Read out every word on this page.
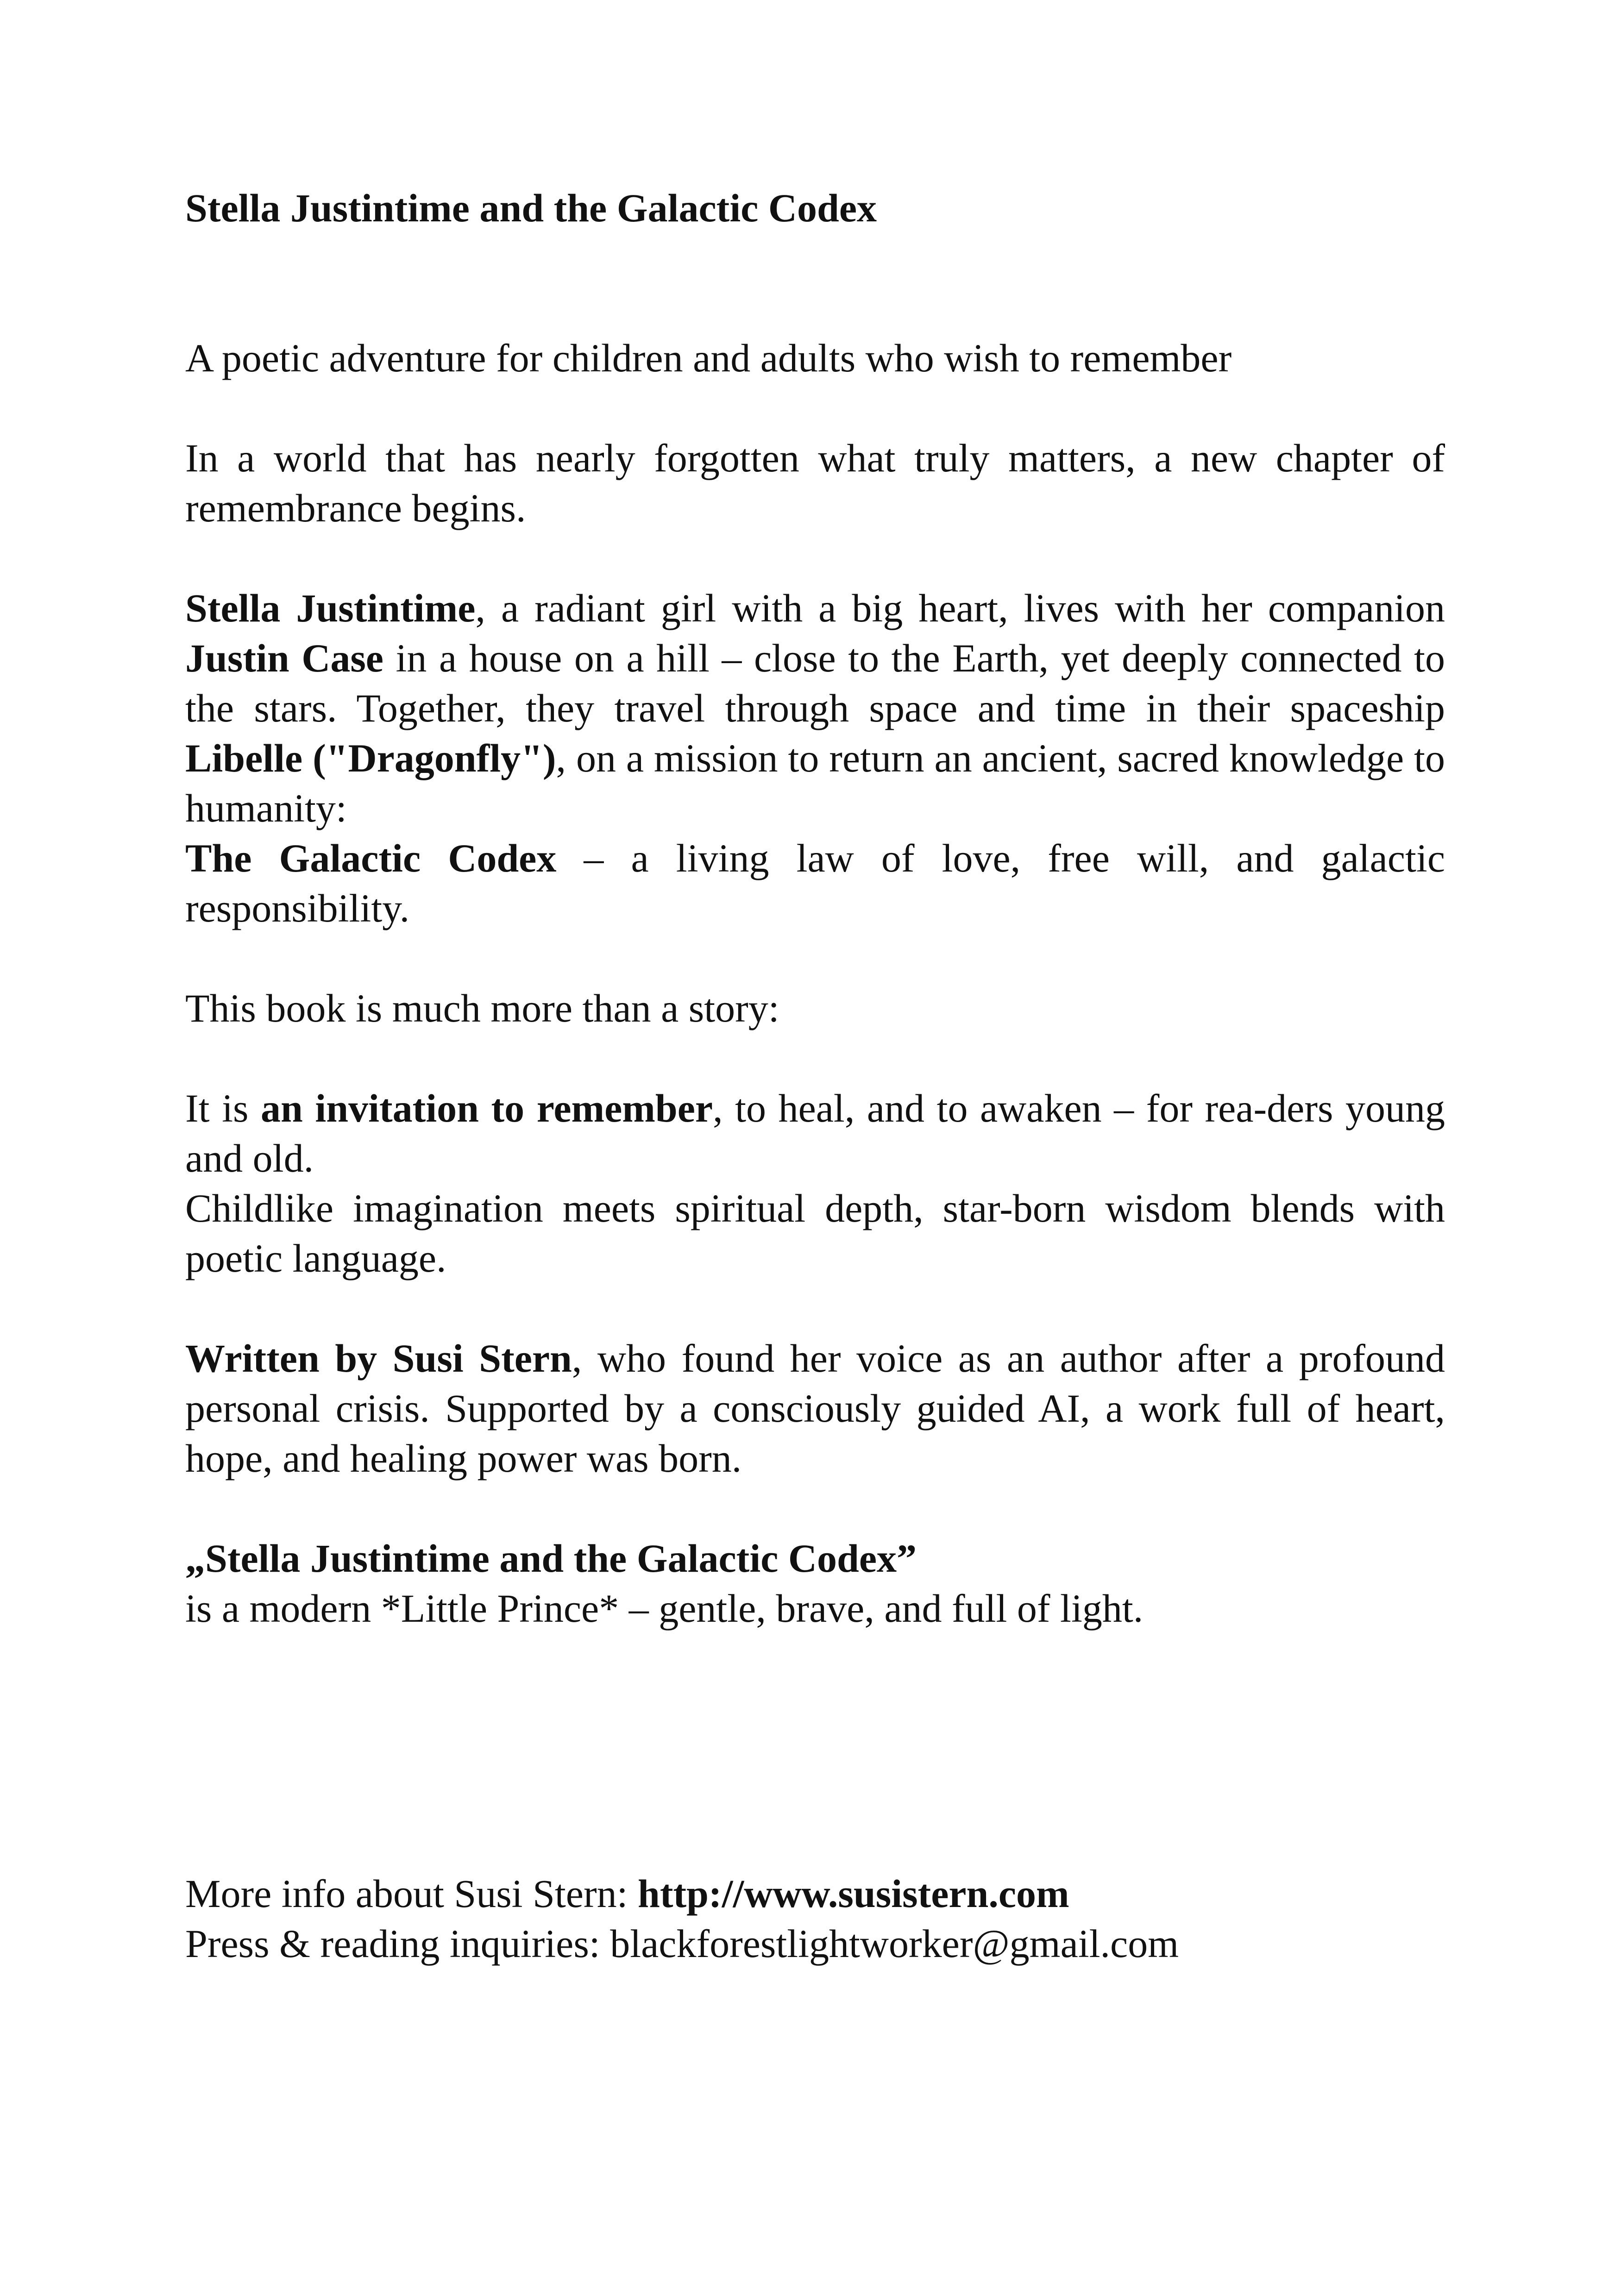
Stella Justintime and the Galactic Codex

A poetic adventure for children and adults who wish to remember

In a world that has nearly forgotten what truly matters, a new chapter of remembrance begins.

Stella Justintime, a radiant girl with a big heart, lives with her companion Justin Case in a house on a hill – close to the Earth, yet deeply connected to the stars. Together, they travel through space and time in their spaceship Libelle ("Dragonfly"), on a mission to return an ancient, sacred knowledge to humanity:

The Galactic Codex – a living law of love, free will, and galactic responsibility.

This book is much more than a story:

It is an invitation to remember, to heal, and to awaken – for rea-ders young and old.

Childlike imagination meets spiritual depth, star-born wisdom blends with poetic language.

Written by Susi Stern, who found her voice as an author after a profound personal crisis. Supported by a consciously guided AI, a work full of heart, hope, and healing power was born.

„Stella Justintime and the Galactic Codex”

is a modern *Little Prince* – gentle, brave, and full of light.

More info about Susi Stern: http://www.susistern.com

Press & reading inquiries: blackforestlightworker@gmail.com
